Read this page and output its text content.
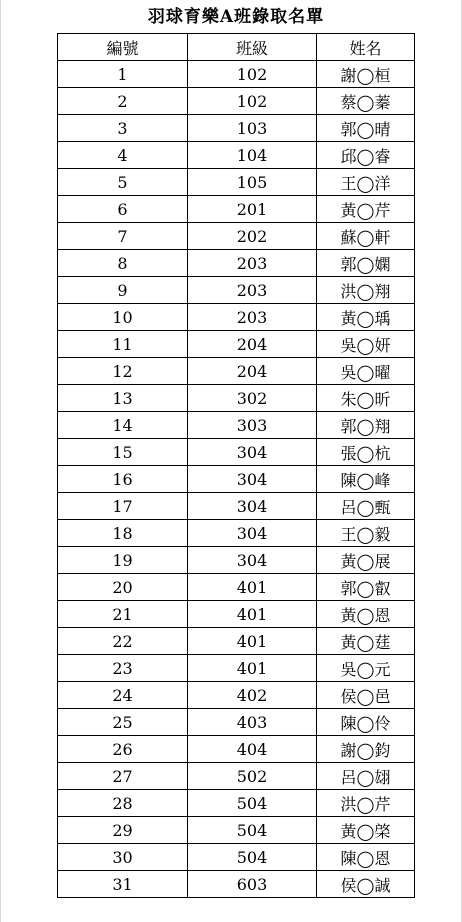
羽球育樂A班錄取名單
編號	班級	姓名
1	102	謝◯桓
2	102	蔡◯蓁
3	103	郭◯晴
4	104	邱◯睿
5	105	王◯洋
6	201	黃◯芹
7	202	蘇◯軒
8	203	郭◯嫻
9	203	洪◯翔
10	203	黃◯瑀
11	204	吳◯妍
12	204	吳◯曜
13	302	朱◯昕
14	303	郭◯翔
15	304	張◯杭
16	304	陳◯峰
17	304	呂◯甄
18	304	王◯毅
19	304	黃◯展
20	401	郭◯叡
21	401	黃◯恩
22	401	黃◯莛
23	401	吳◯元
24	402	侯◯邑
25	403	陳◯伶
26	404	謝◯鈞
27	502	呂◯翃
28	504	洪◯芹
29	504	黃◯棨
30	504	陳◯恩
31	603	侯◯誠
